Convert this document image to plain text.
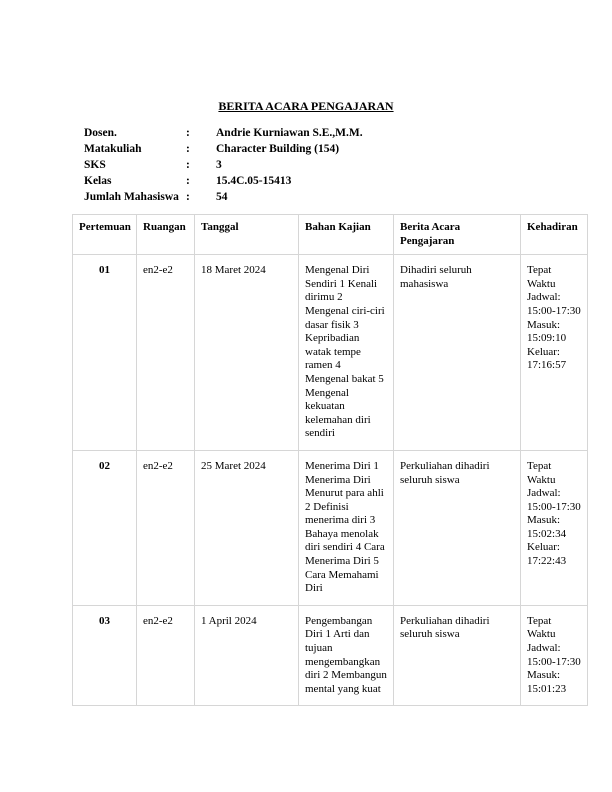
BERITA ACARA PENGAJARAN
Dosen.	:	Andrie Kurniawan S.E.,M.M.
Matakuliah	:	Character Building (154)
SKS	:	3
Kelas	:	15.4C.05-15413
Jumlah Mahasiswa :	54
Pertemuan	Ruangan	Tanggal	Bahan Kajian	Berita Acara Pengajaran	Kehadiran
01	en2-e2	18 Maret 2024	Mengenal Diri Sendiri 1 Kenali dirimu 2 Mengenal ciri-ciri dasar fisik 3 Kepribadian watak tempe ramen 4 Mengenal bakat 5 Mengenal kekuatan kelemahan diri sendiri	Dihadiri seluruh mahasiswa	Tepat Waktu Jadwal: 15:00-17:30 Masuk: 15:09:10 Keluar: 17:16:57
02	en2-e2	25 Maret 2024	Menerima Diri 1 Menerima Diri Menurut para ahli 2 Definisi menerima diri 3 Bahaya menolak diri sendiri 4 Cara Menerima Diri 5 Cara Memahami Diri	Perkuliahan dihadiri seluruh siswa	Tepat Waktu Jadwal: 15:00-17:30 Masuk: 15:02:34 Keluar: 17:22:43
03	en2-e2	1 April 2024	Pengembangan Diri 1 Arti dan tujuan mengembangkan diri 2 Membangun mental yang kuat	Perkuliahan dihadiri seluruh siswa	Tepat Waktu Jadwal: 15:00-17:30 Masuk: 15:01:23
